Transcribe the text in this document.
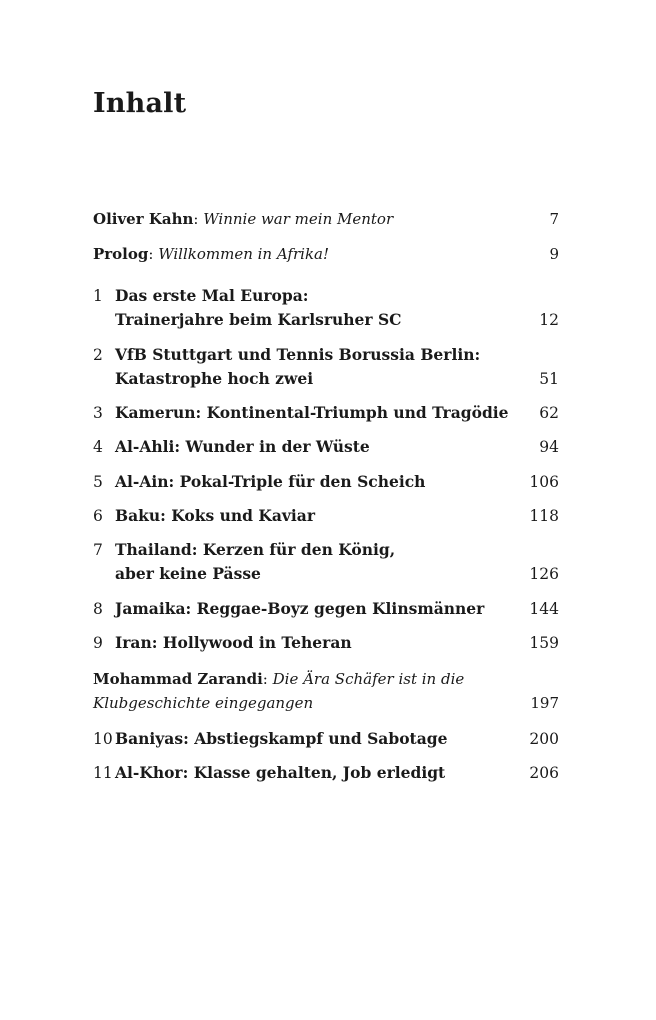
Inhalt
Oliver Kahn: Winnie war mein Mentor	7
Prolog: Willkommen in Afrika!	9
1 Das erste Mal Europa:
Trainerjahre beim Karlsruher SC	12
2 VfB Stuttgart und Tennis Borussia Berlin:
Katastrophe hoch zwei	51
3 Kamerun: Kontinental-Triumph und Tragödie 62
4 Al-Ahli: Wunder in der Wüste	94
5 Al-Ain: Pokal-Triple für den Scheich	106
6 Baku: Koks und Kaviar	118
7 Thailand: Kerzen für den König,
aber keine Pässe	126
8 Jamaika: Reggae-Boyz gegen Klinsmänner	144
9 Iran: Hollywood in Teheran	159
Mohammad Zarandi: Die Ära Schäfer ist in die
Klubgeschichte eingegangen	197
10 Baniyas: Abstiegskampf und Sabotage	200
11 Al-Khor: Klasse gehalten, Job erledigt	206
